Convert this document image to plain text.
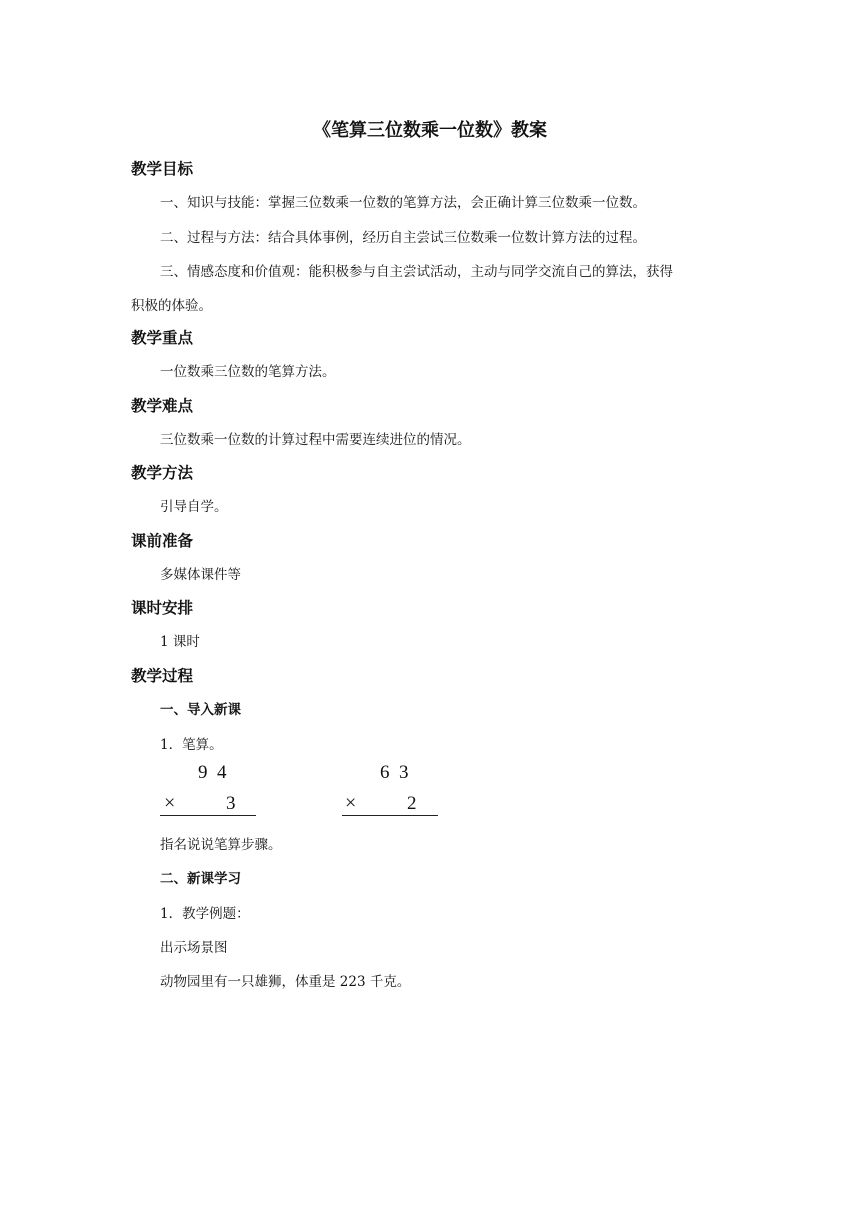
《笔算三位数乘一位数》教案
教学目标
一、知识与技能：掌握三位数乘一位数的笔算方法，会正确计算三位数乘一位数。
二、过程与方法：结合具体事例，经历自主尝试三位数乘一位数计算方法的过程。
三、情感态度和价值观：能积极参与自主尝试活动，主动与同学交流自己的算法，获得
积极的体验。
教学重点
一位数乘三位数的笔算方法。
教学难点
三位数乘一位数的计算过程中需要连续进位的情况。
教学方法
引导自学。
课前准备
多媒体课件等
课时安排
1 课时
教学过程
一、导入新课
1．笔算。
9  4
×	3
6  3
×	2
指名说说笔算步骤。
二、新课学习
1．教学例题：
出示场景图
动物园里有一只雄狮，体重是 223 千克。
